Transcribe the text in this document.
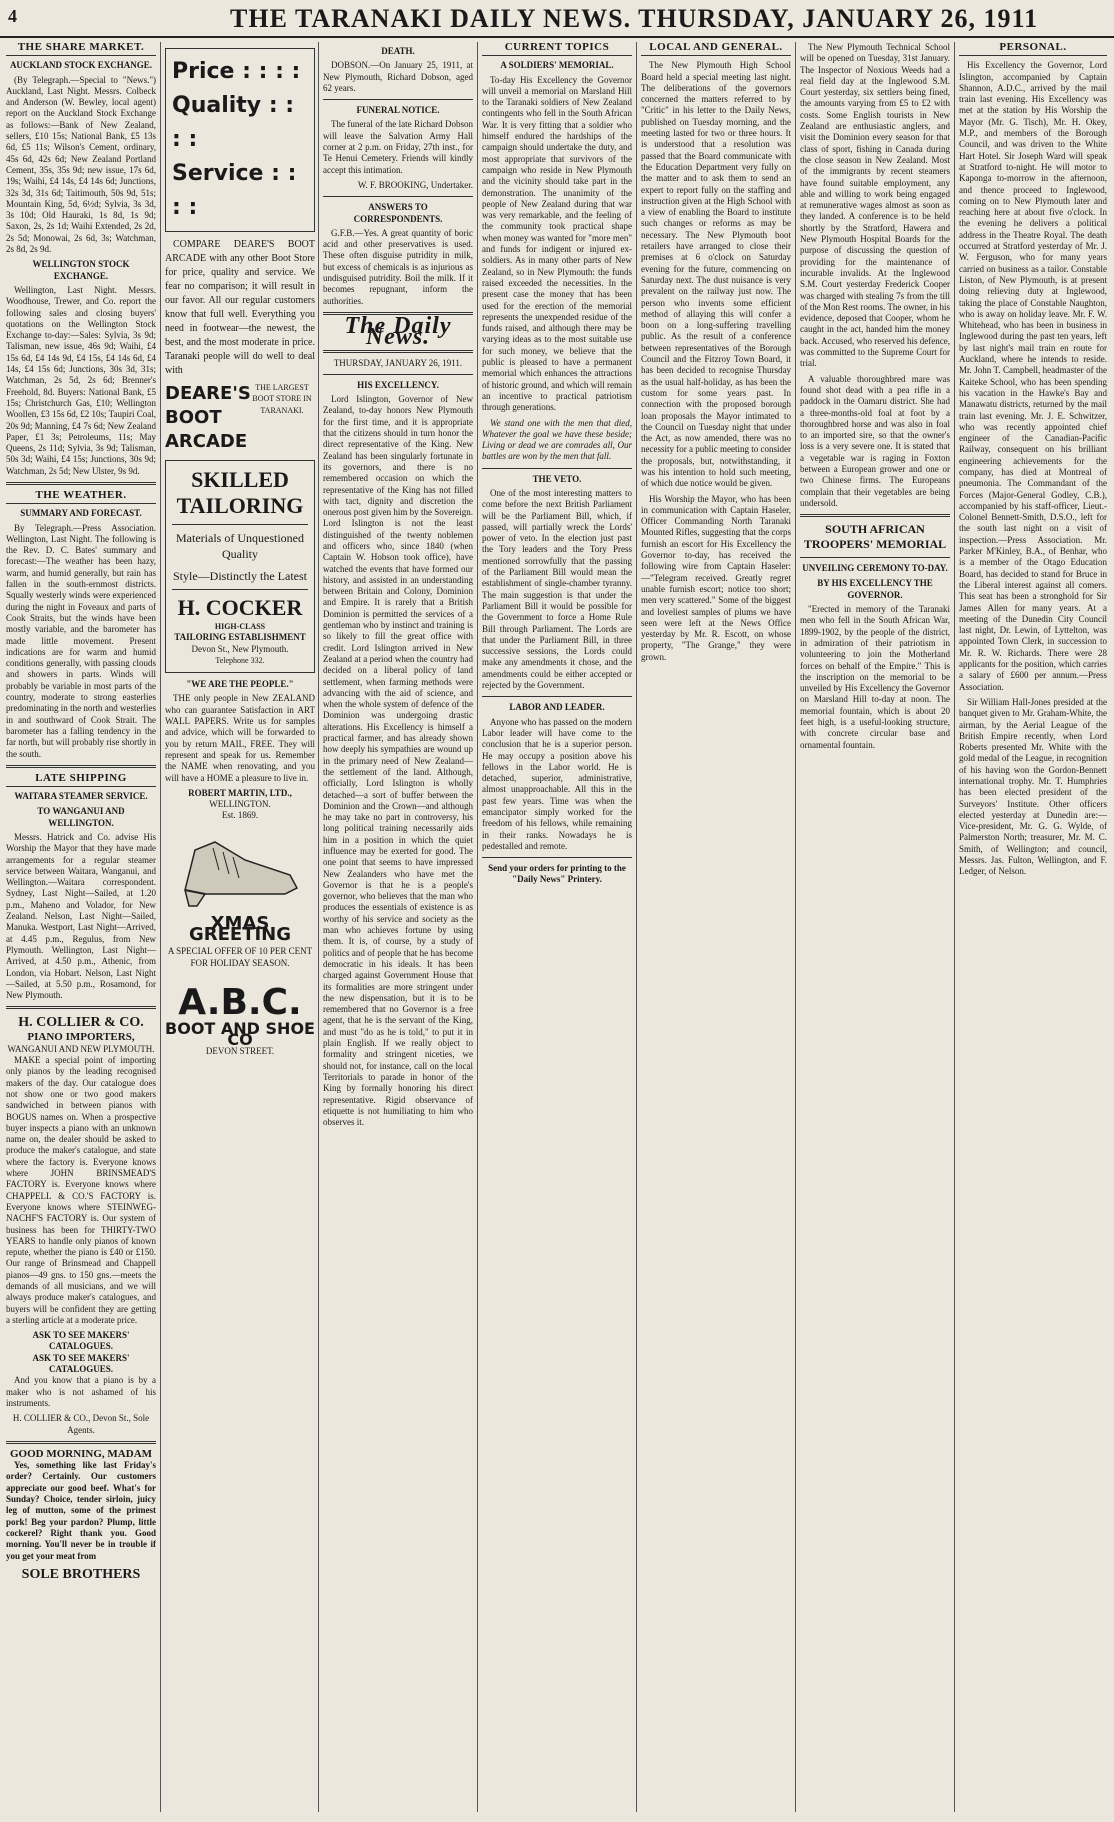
4	THE TARANAKI DAILY NEWS. THURSDAY, JANUARY 26, 1911
THE SHARE MARKET.
AUCKLAND STOCK EXCHANGE.

(By Telegraph.—Special to "News.") Auckland, Last Night. Messrs. Colbeck and Anderson (W. Bewley, local agent) report on the Auckland Stock Exchange as follows:—Bank of New Zealand, sellers, £10 15s; National Bank, £5 13s 6d, £5 11s; Wilson's Cement, ordinary, 45s 6d, 42s 6d; New Zealand Portland Cement, 35s, 35s 9d; new issue, 17s 6d, 19s; Waihi, £4 14s, £4 14s 6d; Junctions, 32s 3d, 31s 6d; Taitimouth, 50s 9d, 51s; Mountain King, 5d, 6½d; Sylvia, 3s 3d, 3s 10d; Old Hauraki, 1s 8d, 1s 9d; Saxon, 2s, 2s 1d; Waihi Extended, 2s 2d, 2s 5d; Monowai, 2s 6d, 3s; Watchman, 2s 8d, 2s 9d.

WELLINGTON STOCK EXCHANGE.

Wellington, Last Night. Messrs. Woodhouse, Trewer, and Co. report the following sales and closing buyers' quotations on the Wellington Stock Exchange to-day:—Sales: Sylvia, 3s 9d; Talisman, new issue, 46s 9d; Waihi, £4 15s 6d, £4 14s 9d, £4 15s, £4 14s 6d, £4 14s, £4 15s 6d; Junctions, 30s 3d, 31s; Watchman, 2s 5d, 2s 6d; Brenner's Freehold, 8d. Buyers: National Bank, £5 15s; Christchurch Gas, £10; Wellington Woollen, £3 15s 6d, £2 10s; Taupiri Coal, 20s 9d; Manning, £4 7s 6d; New Zealand Paper, £1 3s; Petroleums, 11s; May Queens, 2s 11d; Sylvia, 3s 9d; Talisman, 50s 3d; Waihi, £4 15s; Junctions, 30s 9d; Watchman, 2s 5d; New Ulster, 9s 9d.

THE WEATHER.
SUMMARY AND FORECAST.

By Telegraph.—Press Association. Wellington, Last Night. The following is the Rev. D. C. Bates' summary and forecast:—The weather has been hazy, warm, and humid generally, but rain has fallen in the south-ernmost districts. Squally westerly winds were experienced during the night in Foveaux and parts of Cook Straits, but the winds have been mostly variable, and the barometer has made little movement. Present indications are for warm and humid conditions generally, with passing clouds and showers in parts. Winds will probably be variable in most parts of the country, moderate to strong easterlies predominating in the north and westerlies in and southward of Cook Strait. The barometer has a falling tendency in the far north, but will probably rise shortly in the south.

LATE SHIPPING
WAITARA STEAMER SERVICE.
TO WANGANUI AND WELLINGTON.

Messrs. Hatrick and Co. advise His Worship the Mayor that they have made arrangements for a regular steamer service between Waitara, Wanganui, and Wellington.—Waitara correspondent. Sydney, Last Night—Sailed, at 1.20 p.m., Maheno and Volador, for New Zealand. Nelson, Last Night—Sailed, Manuka. Westport, Last Night—Arrived, at 4.45 p.m., Regulus, from New Plymouth. Wellington, Last Night—Arrived, at 4.50 p.m., Athenic, from London, via Hobart. Nelson, Last Night—Sailed, at 5.50 p.m., Rosamond, for New Plymouth.

H. COLLIER & CO.
PIANO IMPORTERS,
WANGANUI AND NEW PLYMOUTH.

MAKE a special point of importing only pianos by the leading recognised makers of the day. Our catalogue does not show one or two good makers sandwiched in between pianos with BOGUS names on. When a prospective buyer inspects a piano with an unknown name on, the dealer should be asked to produce the maker's catalogue, and state where the factory is. Everyone knows where JOHN BRINSMEAD'S FACTORY is. Everyone knows where CHAPPELL & CO.'S FACTORY is. Everyone knows where STEINWEG-NACHF'S FACTORY is. Our system of business has been for THIRTY-TWO YEARS to handle only pianos of known repute, whether the piano is £40 or £150. Our range of Brinsmead and Chappell pianos—49 gns. to 150 gns.—meets the demands of all musicians, and we will always produce maker's catalogues, and buyers will be confident they are getting a sterling article at a moderate price.

ASK TO SEE MAKERS' CATALOGUES.
ASK TO SEE MAKERS' CATALOGUES.

And you know that a piano is by a maker who is not ashamed of his instruments.

H. COLLIER & CO., Devon St., Sole Agents.
GOOD MORNING, MADAM

Yes, something like last Friday's order? Certainly. Our customers appreciate our good beef. What's for Sunday? Choice, tender sirloin, juicy leg of mutton, some of the primest pork! Beg your pardon? Plump, little cockerel? Right thank you. Good morning. You'll never be in trouble if you get your meat from

SOLE BROTHERS
Price : : : :
Quality : : : :
Service : : : :

COMPARE DEARE'S BOOT ARCADE with any other Boot Store for price, quality and service. We fear no comparison; it will result in our favor. All our regular customers know that full well. Everything you need in footwear—the newest, the best, and the most moderate in price. Taranaki people will do well to deal with

DEARE'S BOOT ARCADE
THE LARGEST BOOT STORE IN TARANAKI.
SKILLED TAILORING
Materials of Unquestioned Quality
Style—Distinctly the Latest
H. COCKER
HIGH-CLASS
TAILORING ESTABLISHMENT
Devon St., New Plymouth.
Telephone 332.
"WE ARE THE PEOPLE."

THE only people in New ZEALAND who can guarantee Satisfaction in ART WALL PAPERS. Write us for samples and advice, which will be forwarded to you by return MAIL, FREE. They will represent and speak for us. Remember the NAME when renovating, and you will have a HOME a pleasure to live in.

ROBERT MARTIN, LTD.,
WELLINGTON.
Est. 1869.
XMAS GREETING
A SPECIAL OFFER OF 10 PER CENT FOR HOLIDAY SEASON.
A.B.C.
BOOT AND SHOE CO
DEVON STREET.
DEATH.

DOBSON.—On January 25, 1911, at New Plymouth, Richard Dobson, aged 62 years.

FUNERAL NOTICE.

The funeral of the late Richard Dobson will leave the Salvation Army Hall corner at 2 p.m. on Friday, 27th inst., for Te Henui Cemetery. Friends will kindly accept this intimation.

W. F. BROOKING, Undertaker.
ANSWERS TO CORRESPONDENTS.

G.F.B.—Yes. A great quantity of boric acid and other preservatives is used. These often disguise putridity in milk, but excess of chemicals is as injurious as undisguised putridity. Boil the milk. If it becomes repugnant, inform the authorities.

The Daily News.
THURSDAY, JANUARY 26, 1911.
HIS EXCELLENCY.

Lord Islington, Governor of New Zealand, to-day honors New Plymouth for the first time, and it is appropriate that the citizens should in turn honor the direct representative of the King. New Zealand has been singularly fortunate in its governors, and there is no remembered occasion on which the representative of the King has not filled with tact, dignity and discretion the onerous post given him by the Sovereign. Lord Islington is not the least distinguished of the twenty noblemen and officers who, since 1840 (when Captain W. Hobson took office), have watched the events that have formed our history, and assisted in an understanding between Britain and Colony, Dominion and Empire. It is rarely that a British Dominion is permitted the services of a gentleman who by instinct and training is so likely to fill the great office with credit. Lord Islington arrived in New Zealand at a period when the country had decided on a liberal policy of land settlement, when farming methods were advancing with the aid of science, and when the whole system of defence of the Dominion was undergoing drastic alterations. His Excellency is himself a practical farmer, and has already shown how deeply his sympathies are wound up in the primary need of New Zealand—the settlement of the land. Although, officially, Lord Islington is wholly detached—a sort of buffer between the Dominion and the Crown—and although he may take no part in controversy, his long political training necessarily aids him in a position in which the quiet influence may be exerted for good. The one point that seems to have impressed New Zealanders who have met the Governor is that he is a people's governor, who believes that the man who produces the essentials of existence is as worthy of his service and society as the man who achieves fortune by using them. It is, of course, by a study of politics and of people that he has become democratic in his ideals. It has been charged against Government House that its formalities are more stringent under the new dispensation, but it is to be remembered that no Governor is a free agent, that he is the servant of the King, and must "do as he is told," to put it in plain English. If we really object to formality and stringent niceties, we should not, for instance, call on the local Territorials to parade in honor of the King by formally honoring his direct representative. Rigid observance of etiquette is not humiliating to him who observes it.

CURRENT TOPICS
A SOLDIERS' MEMORIAL.

To-day His Excellency the Governor will unveil a memorial on Marsland Hill to the Taranaki soldiers of New Zealand contingents who fell in the South African War. It is very fitting that a soldier who himself endured the hardships of the campaign should undertake the duty, and most appropriate that survivors of the campaign who reside in New Plymouth and the vicinity should take part in the demonstration. The unanimity of the people of New Zealand during that war was very remarkable, and the feeling of the community took practical shape when money was wanted for "more men" and funds for indigent or injured ex-soldiers. As in many other parts of New Zealand, so in New Plymouth: the funds raised exceeded the necessities. In the present case the money that has been used for the erection of the memorial represents the unexpended residue of the funds raised, and although there may be varying ideas as to the most suitable use for such money, we believe that the public is pleased to have a permanent memorial which enhances the attractions of historic ground, and which will remain an incentive to practical patriotism through generations.

We stand one with the men that died, Whatever the goal we have these beside; Living or dead we are comrades all, Our battles are won by the men that fall.

THE VETO.

One of the most interesting matters to come before the next British Parliament will be the Parliament Bill, which, if passed, will partially wreck the Lords' power of veto. In the election just past the Tory leaders and the Tory Press mentioned sorrowfully that the passing of the Parliament Bill would mean the establishment of single-chamber tyranny. The main suggestion is that under the Parliament Bill it would be possible for the Government to force a Home Rule Bill through Parliament. The Lords are that under the Parliament Bill, in three successive sessions, the Lords could make any amendments it chose, and the amendments could be either accepted or rejected by the Government.

LABOR AND LEADER.

Anyone who has passed on the modern Labor leader will have come to the conclusion that he is a superior person. He may occupy a position above his fellows in the Labor world. He is detached, superior, administrative, almost unapproachable. All this in the past few years. Time was when the emancipator simply worked for the freedom of his fellows, while remaining in their ranks. Nowadays he is pedestalled and remote.

Send your orders for printing to the "Daily News" Printery.
LOCAL AND GENERAL.

The New Plymouth High School Board held a special meeting last night. The deliberations of the governors concerned the matters referred to by "Critic" in his letter to the Daily News, published on Tuesday morning, and the meeting lasted for two or three hours. It is understood that a resolution was passed that the Board communicate with the Education Department very fully on the matter and to ask them to send an expert to report fully on the staffing and instruction given at the High School with a view of enabling the Board to institute such changes or reforms as may be necessary. The New Plymouth boot retailers have arranged to close their premises at 6 o'clock on Saturday evening for the future, commencing on Saturday next. The dust nuisance is very prevalent on the railway just now. The person who invents some efficient method of allaying this will confer a boon on a long-suffering travelling public. As the result of a conference between representatives of the Borough Council and the Fitzroy Town Board, it has been decided to recognise Thursday as the usual half-holiday, as has been the custom for some years past. In connection with the proposed borough loan proposals the Mayor intimated to the Council on Tuesday night that under the Act, as now amended, there was no necessity for a public meeting to consider the proposals, but, notwithstanding, it was his intention to hold such meeting, of which due notice would be given.

His Worship the Mayor, who has been in communication with Captain Haseler, Officer Commanding North Taranaki Mounted Rifles, suggesting that the corps furnish an escort for His Excellency the Governor to-day, has received the following wire from Captain Haseler:—"Telegram received. Greatly regret unable furnish escort; notice too short; men very scattered." Some of the biggest and loveliest samples of plums we have seen were left at the News Office yesterday by Mr. R. Escott, on whose property, "The Grange," they were grown.

The New Plymouth Technical School will be opened on Tuesday, 31st January. The Inspector of Noxious Weeds had a real field day at the Inglewood S.M. Court yesterday, six settlers being fined, the amounts varying from £5 to £2 with costs. Some English tourists in New Zealand are enthusiastic anglers, and visit the Dominion every season for that class of sport, fishing in Canada during the close season in New Zealand. Most of the immigrants by recent steamers have found suitable employment, any able and willing to work being engaged at remunerative wages almost as soon as they landed. A conference is to be held shortly by the Stratford, Hawera and New Plymouth Hospital Boards for the purpose of discussing the question of providing for the maintenance of incurable invalids. At the Inglewood S.M. Court yesterday Frederick Cooper was charged with stealing 7s from the till of the Mon Rest rooms. The owner, in his evidence, deposed that Cooper, whom he caught in the act, handed him the money back. Accused, who reserved his defence, was committed to the Supreme Court for trial.

A valuable thoroughbred mare was found shot dead with a pea rifle in a paddock in the Oamaru district. She had a three-months-old foal at foot by a thoroughbred horse and was also in foal to an imported sire, so that the owner's loss is a very severe one. It is stated that a vegetable war is raging in Foxton between a European grower and one or two Chinese firms. The Europeans complain that their vegetables are being undersold.

SOUTH AFRICAN TROOPERS' MEMORIAL
UNVEILING CEREMONY TO-DAY.
BY HIS EXCELLENCY THE GOVERNOR.

"Erected in memory of the Taranaki men who fell in the South African War, 1899-1902, by the people of the district, in admiration of their patriotism in volunteering to join the Motherland forces on behalf of the Empire." This is the inscription on the memorial to be unveiled by His Excellency the Governor on Marsland Hill to-day at noon. The memorial fountain, which is about 20 feet high, is a useful-looking structure, with concrete circular base and ornamental fountain.

PERSONAL.

His Excellency the Governor, Lord Islington, accompanied by Captain Shannon, A.D.C., arrived by the mail train last evening. His Excellency was met at the station by His Worship the Mayor (Mr. G. Tisch), Mr. H. Okey, M.P., and members of the Borough Council, and was driven to the White Hart Hotel. Sir Joseph Ward will speak at Stratford to-night. He will motor to Kaponga to-morrow in the afternoon, and thence proceed to Inglewood, coming on to New Plymouth later and reaching here at about five o'clock. In the evening he delivers a political address in the Theatre Royal. The death occurred at Stratford yesterday of Mr. J. W. Ferguson, who for many years carried on business as a tailor. Constable Liston, of New Plymouth, is at present doing relieving duty at Inglewood, taking the place of Constable Naughton, who is away on holiday leave. Mr. F. W. Whitehead, who has been in business in Inglewood during the past ten years, left by last night's mail train en route for Auckland, where he intends to reside. Mr. John T. Campbell, headmaster of the Kaiteke School, who has been spending his vacation in the Hawke's Bay and Manawatu districts, returned by the mail train last evening. Mr. J. E. Schwitzer, who was recently appointed chief engineer of the Canadian-Pacific Railway, consequent on his brilliant engineering achievements for the company, has died at Montreal of pneumonia. The Commandant of the Forces (Major-General Godley, C.B.), accompanied by his staff-officer, Lieut.-Colonel Bennett-Smith, D.S.O., left for the south last night on a visit of inspection.—Press Association. Mr. Parker M'Kinley, B.A., of Benhar, who is a member of the Otago Education Board, has decided to stand for Bruce in the Liberal interest against all comers. This seat has been a stronghold for Sir James Allen for many years. At a meeting of the Dunedin City Council last night, Dr. Lewin, of Lyttelton, was appointed Town Clerk, in succession to Mr. R. W. Richards. There were 28 applicants for the position, which carries a salary of £600 per annum.—Press Association.

Sir William Hall-Jones presided at the banquet given to Mr. Graham-White, the airman, by the Aerial League of the British Empire recently, when Lord Roberts presented Mr. White with the gold medal of the League, in recognition of his having won the Gordon-Bennett international trophy. Mr. T. Humphries has been elected president of the Surveyors' Institute. Other officers elected yesterday at Dunedin are:—Vice-president, Mr. G. G. Wylde, of Palmerston North; treasurer, Mr. M. C. Smith, of Wellington; and council, Messrs. Jas. Fulton, Wellington, and F. Ledger, of Nelson.
